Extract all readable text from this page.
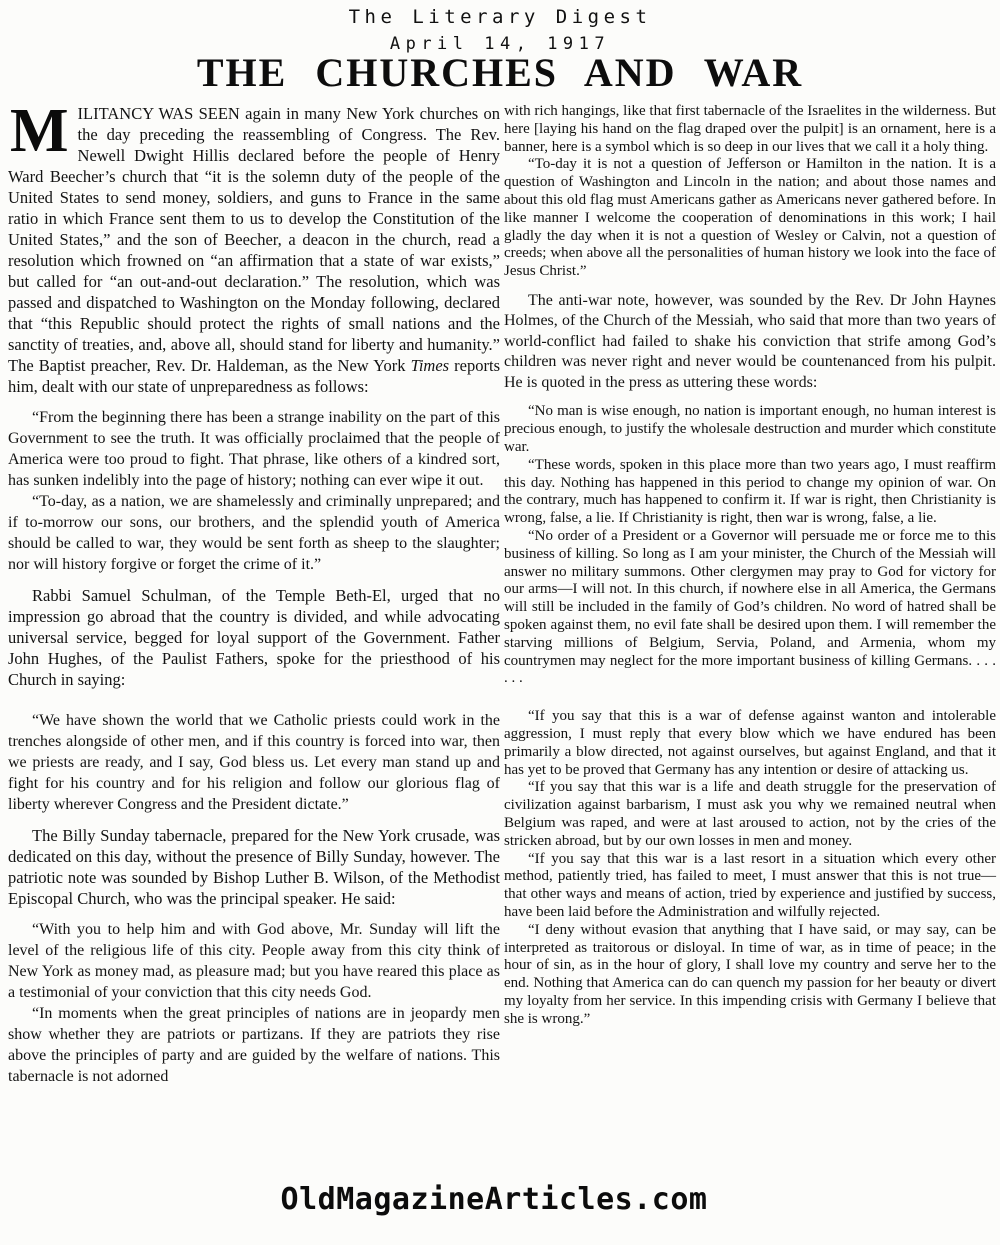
The Literary Digest
April 14, 1917
THE CHURCHES AND WAR

MILITANCY WAS SEEN again in many New York churches on the day preceding the reassembling of Congress. The Rev. Newell Dwight Hillis declared before the people of Henry Ward Beecher’s church that “it is the solemn duty of the people of the United States to send money, soldiers, and guns to France in the same ratio in which France sent them to us to develop the Constitution of the United States,” and the son of Beecher, a deacon in the church, read a resolution which frowned on “an affirmation that a state of war exists,” but called for “an out-and-out declaration.” The resolution, which was passed and dispatched to Washington on the Monday following, declared that “this Republic should protect the rights of small nations and the sanctity of treaties, and, above all, should stand for liberty and humanity.” The Baptist preacher, Rev. Dr. Haldeman, as the New York Times reports him, dealt with our state of unpreparedness as follows:

“From the beginning there has been a strange inability on the part of this Government to see the truth. It was officially proclaimed that the people of America were too proud to fight. That phrase, like others of a kindred sort, has sunken indelibly into the page of history; nothing can ever wipe it out.

“To-day, as a nation, we are shamelessly and criminally unprepared; and if to-morrow our sons, our brothers, and the splendid youth of America should be called to war, they would be sent forth as sheep to the slaughter; nor will history forgive or forget the crime of it.”

Rabbi Samuel Schulman, of the Temple Beth-El, urged that no impression go abroad that the country is divided, and while advocating universal service, begged for loyal support of the Government. Father John Hughes, of the Paulist Fathers, spoke for the priesthood of his Church in saying:

“We have shown the world that we Catholic priests could work in the trenches alongside of other men, and if this country is forced into war, then we priests are ready, and I say, God bless us. Let every man stand up and fight for his country and for his religion and follow our glorious flag of liberty wherever Congress and the President dictate.”

The Billy Sunday tabernacle, prepared for the New York crusade, was dedicated on this day, without the presence of Billy Sunday, however. The patriotic note was sounded by Bishop Luther B. Wilson, of the Methodist Episcopal Church, who was the principal speaker. He said:

“With you to help him and with God above, Mr. Sunday will lift the level of the religious life of this city. People away from this city think of New York as money mad, as pleasure mad; but you have reared this place as a testimonial of your conviction that this city needs God.

“In moments when the great principles of nations are in jeopardy men show whether they are patriots or partizans. If they are patriots they rise above the principles of party and are guided by the welfare of nations. This tabernacle is not adorned

with rich hangings, like that first tabernacle of the Israelites in the wilderness. But here [laying his hand on the flag draped over the pulpit] is an ornament, here is a banner, here is a symbol which is so deep in our lives that we call it a holy thing.

“To-day it is not a question of Jefferson or Hamilton in the nation. It is a question of Washington and Lincoln in the nation; and about those names and about this old flag must Americans gather as Americans never gathered before. In like manner I welcome the cooperation of denominations in this work; I hail gladly the day when it is not a question of Wesley or Calvin, not a question of creeds; when above all the personalities of human history we look into the face of Jesus Christ.”

The anti-war note, however, was sounded by the Rev. Dr John Haynes Holmes, of the Church of the Messiah, who said that more than two years of world-conflict had failed to shake his conviction that strife among God’s children was never right and never would be countenanced from his pulpit. He is quoted in the press as uttering these words:

“No man is wise enough, no nation is important enough, no human interest is precious enough, to justify the wholesale destruction and murder which constitute war.

“These words, spoken in this place more than two years ago, I must reaffirm this day. Nothing has happened in this period to change my opinion of war. On the contrary, much has happened to confirm it. If war is right, then Christianity is wrong, false, a lie. If Christianity is right, then war is wrong, false, a lie.

“No order of a President or a Governor will persuade me or force me to this business of killing. So long as I am your minister, the Church of the Messiah will answer no military summons. Other clergymen may pray to God for victory for our arms—I will not. In this church, if nowhere else in all America, the Germans will still be included in the family of God’s children. No word of hatred shall be spoken against them, no evil fate shall be desired upon them. I will remember the starving millions of Belgium, Servia, Poland, and Armenia, whom my countrymen may neglect for the more important business of killing Germans. . . . . . .

“If you say that this is a war of defense against wanton and intolerable aggression, I must reply that every blow which we have endured has been primarily a blow directed, not against ourselves, but against England, and that it has yet to be proved that Germany has any intention or desire of attacking us.

“If you say that this war is a life and death struggle for the preservation of civilization against barbarism, I must ask you why we remained neutral when Belgium was raped, and were at last aroused to action, not by the cries of the stricken abroad, but by our own losses in men and money.

“If you say that this war is a last resort in a situation which every other method, patiently tried, has failed to meet, I must answer that this is not true—that other ways and means of action, tried by experience and justified by success, have been laid before the Administration and wilfully rejected.

“I deny without evasion that anything that I have said, or may say, can be interpreted as traitorous or disloyal. In time of war, as in time of peace; in the hour of sin, as in the hour of glory, I shall love my country and serve her to the end. Nothing that America can do can quench my passion for her beauty or divert my loyalty from her service. In this impending crisis with Germany I believe that she is wrong.”

OldMagazineArticles.com
